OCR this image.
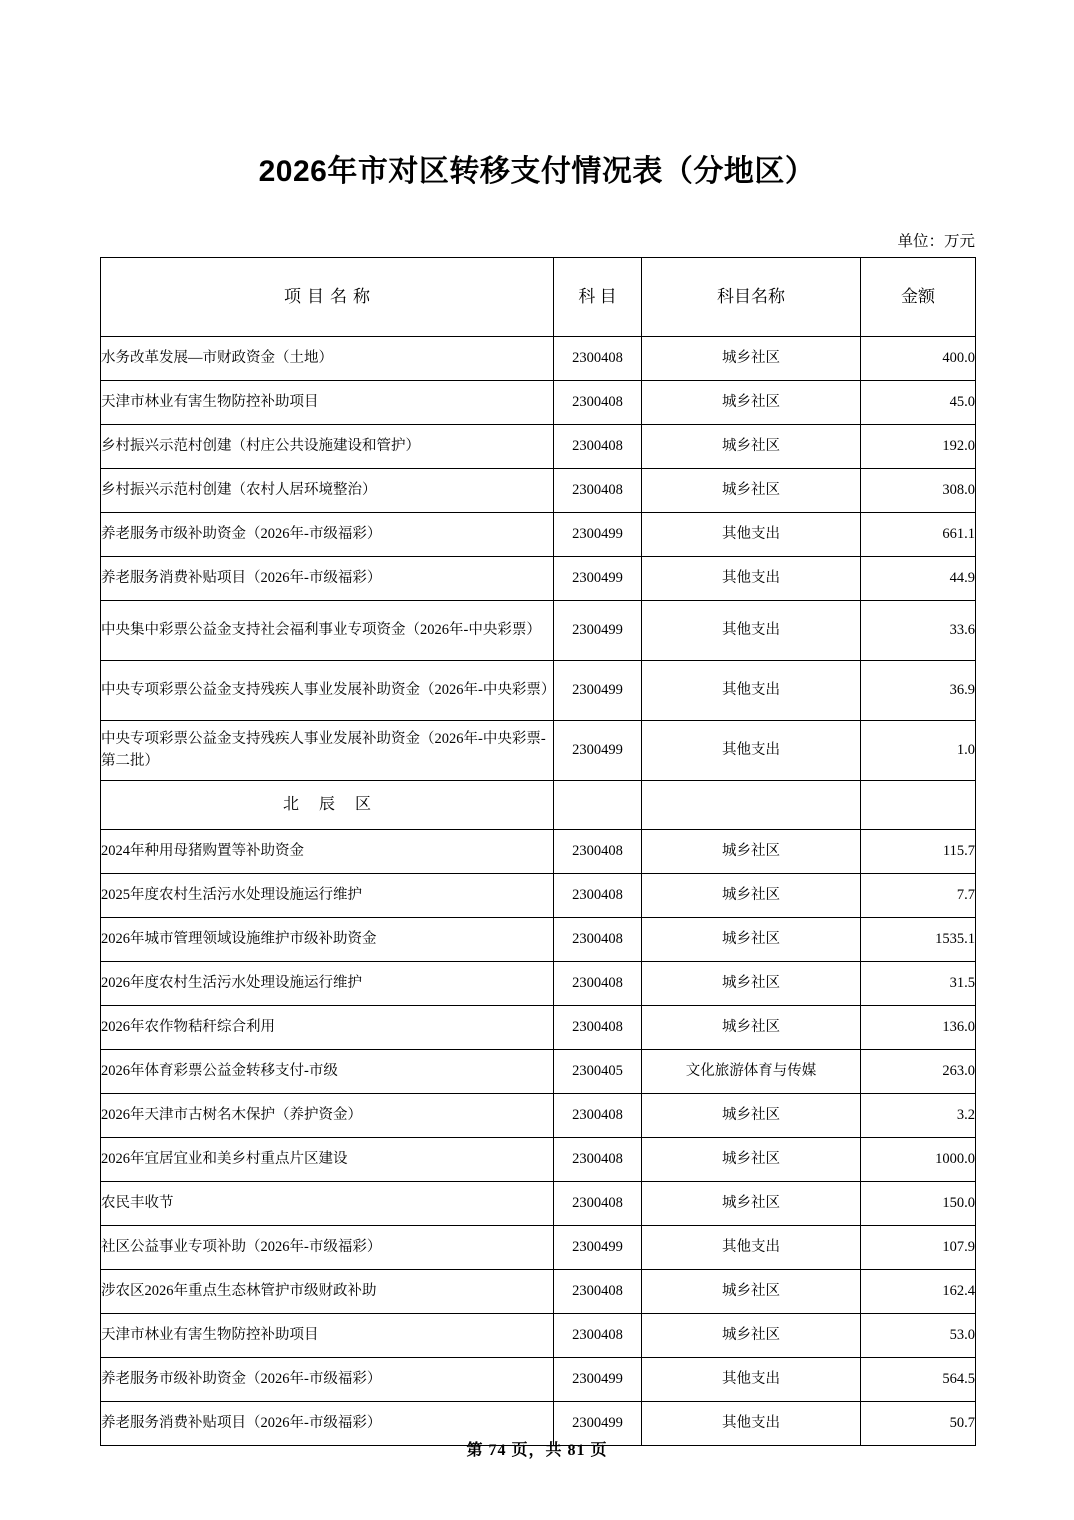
2026年市对区转移支付情况表（分地区）
单位：万元
项目名称	科 目	科目名称	金额

水务改革发展—市财政资金（土地）	2300408	城乡社区	400.0
天津市林业有害生物防控补助项目	2300408	城乡社区	45.0
乡村振兴示范村创建（村庄公共设施建设和管护）	2300408	城乡社区	192.0
乡村振兴示范村创建（农村人居环境整治）	2300408	城乡社区	308.0
养老服务市级补助资金（2026年-市级福彩）	2300499	其他支出	661.1
养老服务消费补贴项目（2026年-市级福彩）	2300499	其他支出	44.9
中央集中彩票公益金支持社会福利事业专项资金（2026年-中央彩票）	2300499	其他支出	33.6
中央专项彩票公益金支持残疾人事业发展补助资金（2026年-中央彩票）	2300499	其他支出	36.9
中央专项彩票公益金支持残疾人事业发展补助资金（2026年-中央彩票-第二批）	2300499	其他支出	1.0
北 辰 区			
2024年种用母猪购置等补助资金	2300408	城乡社区	115.7
2025年度农村生活污水处理设施运行维护	2300408	城乡社区	7.7
2026年城市管理领域设施维护市级补助资金	2300408	城乡社区	1535.1
2026年度农村生活污水处理设施运行维护	2300408	城乡社区	31.5
2026年农作物秸秆综合利用	2300408	城乡社区	136.0
2026年体育彩票公益金转移支付-市级	2300405	文化旅游体育与传媒	263.0
2026年天津市古树名木保护（养护资金）	2300408	城乡社区	3.2
2026年宜居宜业和美乡村重点片区建设	2300408	城乡社区	1000.0
农民丰收节	2300408	城乡社区	150.0
社区公益事业专项补助（2026年-市级福彩）	2300499	其他支出	107.9
涉农区2026年重点生态林管护市级财政补助	2300408	城乡社区	162.4
天津市林业有害生物防控补助项目	2300408	城乡社区	53.0
养老服务市级补助资金（2026年-市级福彩）	2300499	其他支出	564.5
养老服务消费补贴项目（2026年-市级福彩）	2300499	其他支出	50.7
第 74 页，共 81 页
